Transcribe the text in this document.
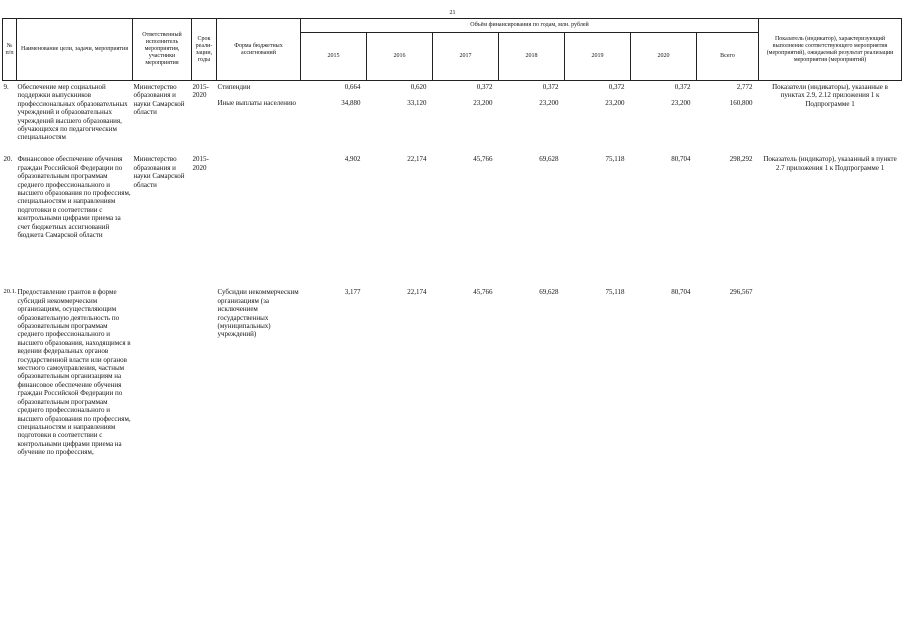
21
№ п/п	Наименование цели, задачи, мероприятия	Ответственный исполнитель мероприятия, участники мероприятия	Срок реали- зации, годы	Форма бюджетных ассигнований	Объём финансирования по годам, млн. рублей							Показатель (индикатор), характеризующий выполнение соответствующего мероприятия (мероприятий), ожидаемый результат реализации мероприятия (мероприятий)
					2015	2016	2017	2018	2019	2020	Всего	
9.	Обеспечение мер социальной поддержки выпускников профессиональных образовательных учреждений и образовательных учреждений высшего образования, обучающихся по педагогическим специальностям	Министерство образования и науки Самарской области	2015-2020	Стипендии	0,664	0,620	0,372	0,372	0,372	0,372	2,772	Показатели (индикаторы), указанные в пунктах 2.9, 2.12 приложения 1 к Подпрограмме 1
				Иные выплаты населению	34,880	33,120	23,200	23,200	23,200	23,200	160,800	
20.	Финансовое обеспечение обучения граждан Российской Федерации по образовательным программам среднего профессионального и высшего образования по профессиям, специальностям и направлениям подготовки в соответствии с контрольными цифрами приема за счет бюджетных ассигнований бюджета Самарской области	Министерство образования и науки Самарской области	2015-2020		4,902	22,174	45,766	69,628	75,118	80,704	298,292	Показатель (индикатор), указанный в пункте 2.7 приложения 1 к Подпрограмме 1
20.1.	Предоставление грантов в форме субсидий некоммерческим организациям, осуществляющим образовательную деятельность по образовательным программам среднего профессионального и высшего образования, находящимся в ведении федеральных органов государственной власти или органов местного самоуправления, частным образовательным организациям на финансовое обеспечение обучения граждан Российской Федерации по образовательным программам среднего профессионального и высшего образования по профессиям, специальностям и направлениям подготовки в соответствии с контрольными цифрами приема на обучение по профессиям,			Субсидии некоммерческим организациям (за исключением государственных (муниципальных) учреждений)	3,177	22,174	45,766	69,628	75,118	80,704	296,567	
